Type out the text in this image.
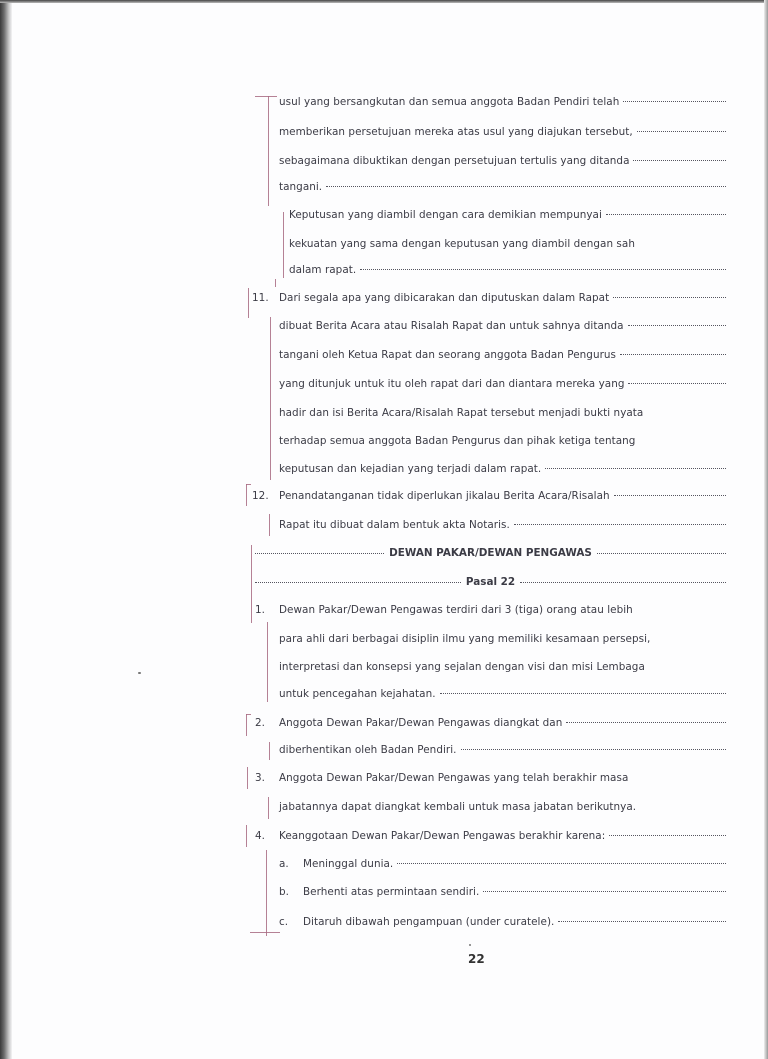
usul yang bersangkutan dan semua anggota Badan Pendiri telah
memberikan persetujuan mereka atas usul yang diajukan tersebut,
sebagaimana dibuktikan dengan persetujuan tertulis yang ditanda
tangani.
Keputusan yang diambil dengan cara demikian mempunyai
kekuatan yang sama dengan keputusan yang diambil dengan sah
dalam rapat.
11. Dari segala apa yang dibicarakan dan diputuskan dalam Rapat
dibuat Berita Acara atau Risalah Rapat dan untuk sahnya ditanda
tangani oleh Ketua Rapat dan seorang anggota Badan Pengurus
yang ditunjuk untuk itu oleh rapat dari dan diantara mereka yang
hadir dan isi Berita Acara/Risalah Rapat tersebut menjadi bukti nyata
terhadap semua anggota Badan Pengurus dan pihak ketiga tentang
keputusan dan kejadian yang terjadi dalam rapat.
12. Penandatanganan tidak diperlukan jikalau Berita Acara/Risalah
Rapat itu dibuat dalam bentuk akta Notaris.
DEWAN PAKAR/DEWAN PENGAWAS
Pasal 22
1.	Dewan Pakar/Dewan Pengawas terdiri dari 3 (tiga) orang atau lebih
para ahli dari berbagai disiplin ilmu yang memiliki kesamaan persepsi,
interpretasi dan konsepsi yang sejalan dengan visi dan misi Lembaga
untuk pencegahan kejahatan.
2.	Anggota Dewan Pakar/Dewan Pengawas diangkat dan
diberhentikan oleh Badan Pendiri.
3.	Anggota Dewan Pakar/Dewan Pengawas yang telah berakhir masa
jabatannya dapat diangkat kembali untuk masa jabatan berikutnya.
4.	Keanggotaan Dewan Pakar/Dewan Pengawas berakhir karena:
a.	Meninggal dunia.
b.	Berhenti atas permintaan sendiri.
c.	Ditaruh dibawah pengampuan (under curatele).
22
